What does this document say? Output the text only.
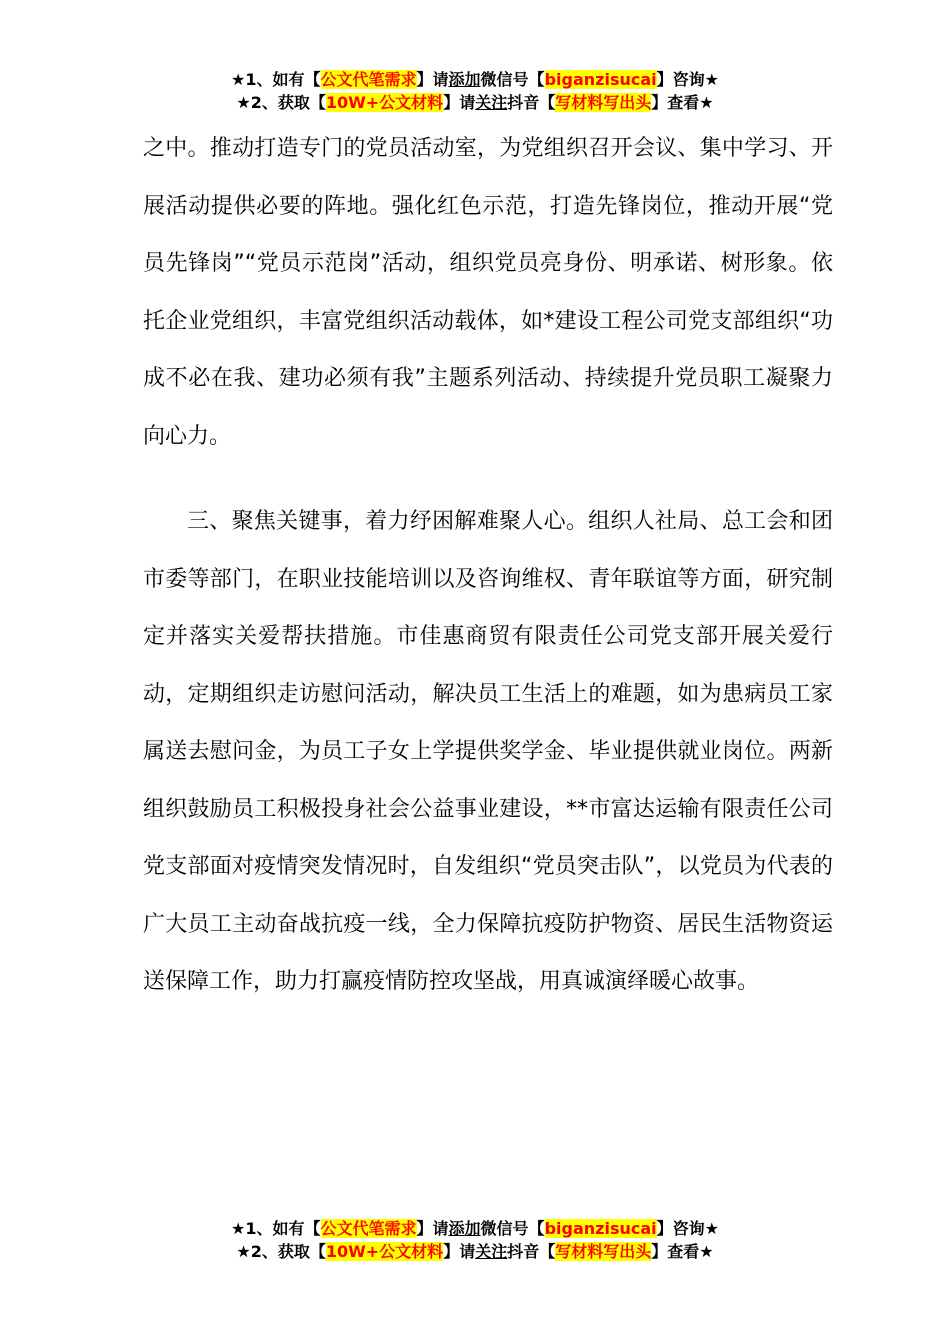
★1、如有【公文代笔需求】请添加微信号【biganzisucai】咨询★
★2、获取【10W+公文材料】请关注抖音【写材料写出头】查看★

之中。推动打造专门的党员活动室，为党组织召开会议、集中学习、开展活动提供必要的阵地。强化红色示范，打造先锋岗位，推动开展“党员先锋岗”“党员示范岗”活动，组织党员亮身份、明承诺、树形象。依托企业党组织，丰富党组织活动载体，如*建设工程公司党支部组织“功成不必在我、建功必须有我”主题系列活动、持续提升党员职工凝聚力向心力。

三、聚焦关键事，着力纾困解难聚人心。组织人社局、总工会和团市委等部门，在职业技能培训以及咨询维权、青年联谊等方面，研究制定并落实关爱帮扶措施。市佳惠商贸有限责任公司党支部开展关爱行动，定期组织走访慰问活动，解决员工生活上的难题，如为患病员工家属送去慰问金，为员工子女上学提供奖学金、毕业提供就业岗位。两新组织鼓励员工积极投身社会公益事业建设，**市富达运输有限责任公司党支部面对疫情突发情况时，自发组织“党员突击队”，以党员为代表的广大员工主动奋战抗疫一线，全力保障抗疫防护物资、居民生活物资运送保障工作，助力打赢疫情防控攻坚战，用真诚演绎暖心故事。

★1、如有【公文代笔需求】请添加微信号【biganzisucai】咨询★
★2、获取【10W+公文材料】请关注抖音【写材料写出头】查看★
